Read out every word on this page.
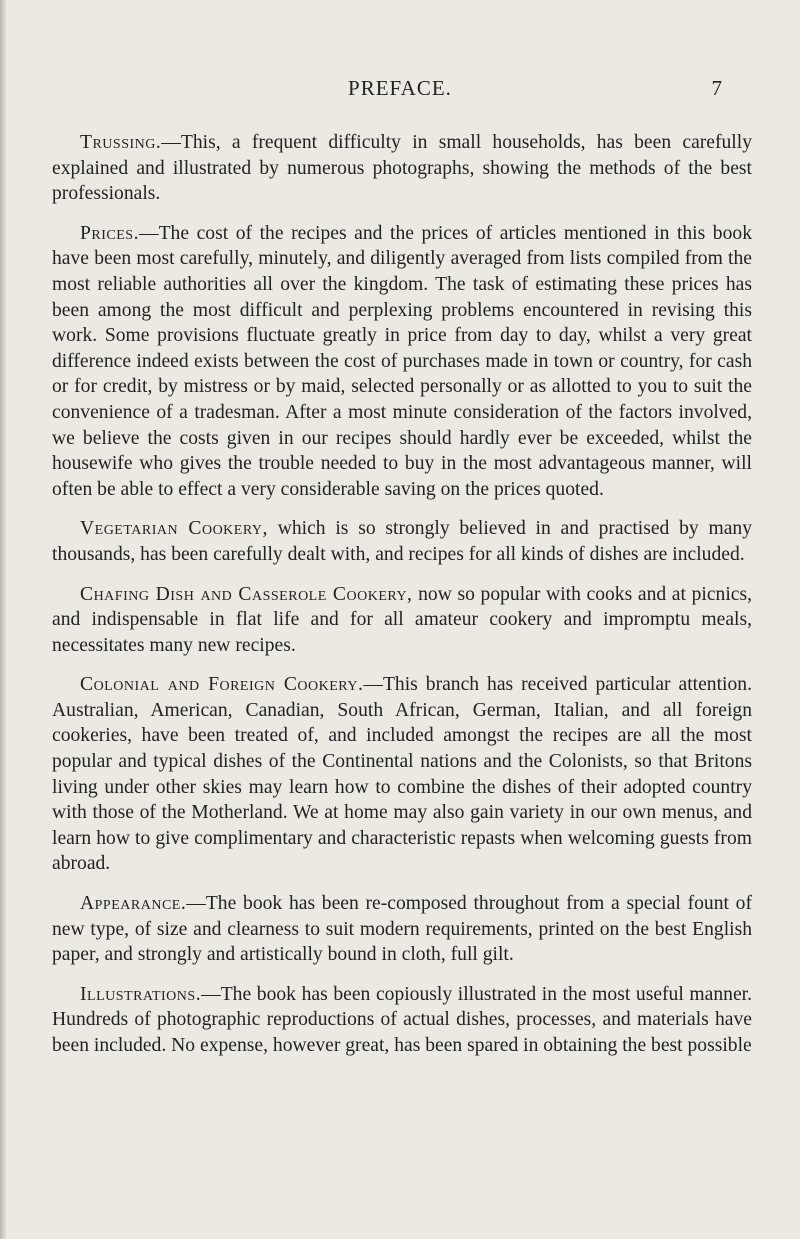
PREFACE.	7

Trussing.—This, a frequent difficulty in small households, has been carefully explained and illustrated by numerous photographs, showing the methods of the best professionals.

Prices.—The cost of the recipes and the prices of articles mentioned in this book have been most carefully, minutely, and diligently averaged from lists compiled from the most reliable authorities all over the kingdom. The task of estimating these prices has been among the most difficult and perplexing problems encountered in revising this work. Some provisions fluctuate greatly in price from day to day, whilst a very great difference indeed exists between the cost of purchases made in town or country, for cash or for credit, by mistress or by maid, selected personally or as allotted to you to suit the convenience of a tradesman. After a most minute consideration of the factors involved, we believe the costs given in our recipes should hardly ever be exceeded, whilst the housewife who gives the trouble needed to buy in the most advantageous manner, will often be able to effect a very considerable saving on the prices quoted.

Vegetarian Cookery, which is so strongly believed in and practised by many thousands, has been carefully dealt with, and recipes for all kinds of dishes are included.

Chafing Dish and Casserole Cookery, now so popular with cooks and at picnics, and indispensable in flat life and for all amateur cookery and impromptu meals, necessitates many new recipes.

Colonial and Foreign Cookery.—This branch has received particular attention. Australian, American, Canadian, South African, German, Italian, and all foreign cookeries, have been treated of, and included amongst the recipes are all the most popular and typical dishes of the Continental nations and the Colonists, so that Britons living under other skies may learn how to combine the dishes of their adopted country with those of the Motherland. We at home may also gain variety in our own menus, and learn how to give complimentary and characteristic repasts when welcoming guests from abroad.

Appearance.—The book has been re-composed throughout from a special fount of new type, of size and clearness to suit modern requirements, printed on the best English paper, and strongly and artistically bound in cloth, full gilt.

Illustrations.—The book has been copiously illustrated in the most useful manner. Hundreds of photographic reproductions of actual dishes, processes, and materials have been included. No expense, however great, has been spared in obtaining the best possible
